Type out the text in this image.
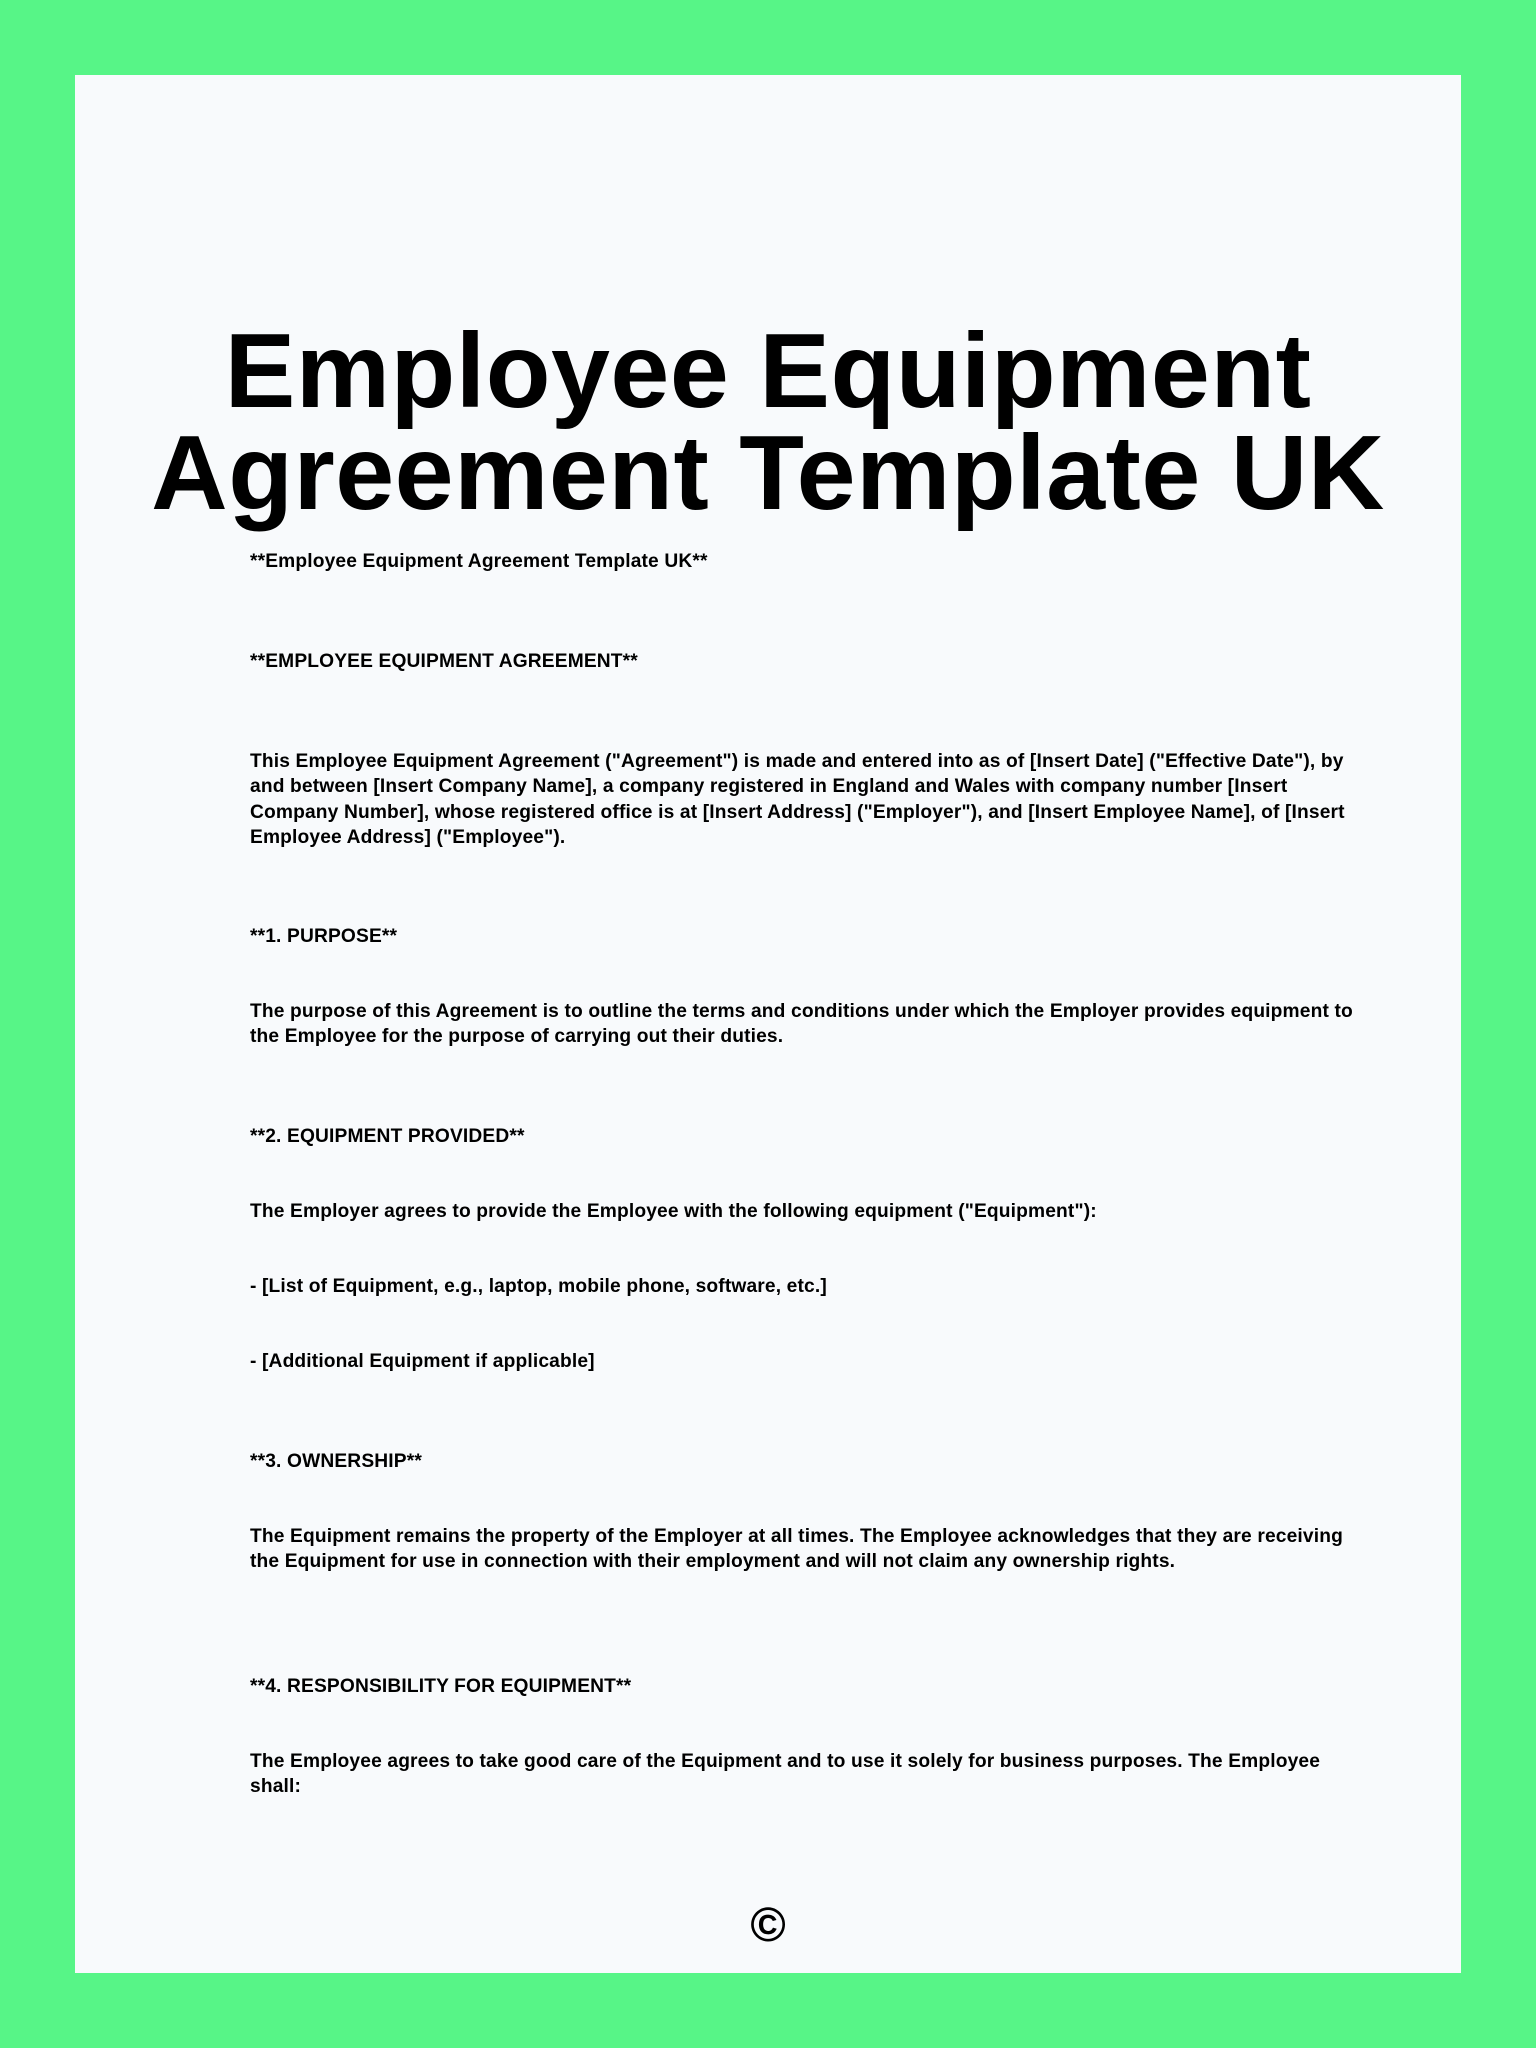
Employee Equipment
Agreement Template UK

**Employee Equipment Agreement Template UK**

**EMPLOYEE EQUIPMENT AGREEMENT**

This Employee Equipment Agreement ("Agreement") is made and entered into as of [Insert Date] ("Effective Date"), by and between [Insert Company Name], a company registered in England and Wales with company number [Insert Company Number], whose registered office is at [Insert Address] ("Employer"), and [Insert Employee Name], of [Insert Employee Address] ("Employee").

**1. PURPOSE**

The purpose of this Agreement is to outline the terms and conditions under which the Employer provides equipment to the Employee for the purpose of carrying out their duties.

**2. EQUIPMENT PROVIDED**

The Employer agrees to provide the Employee with the following equipment ("Equipment"):

- [List of Equipment, e.g., laptop, mobile phone, software, etc.]

- [Additional Equipment if applicable]

**3. OWNERSHIP**

The Equipment remains the property of the Employer at all times. The Employee acknowledges that they are receiving the Equipment for use in connection with their employment and will not claim any ownership rights.

**4. RESPONSIBILITY FOR EQUIPMENT**

The Employee agrees to take good care of the Equipment and to use it solely for business purposes. The Employee shall:

©
